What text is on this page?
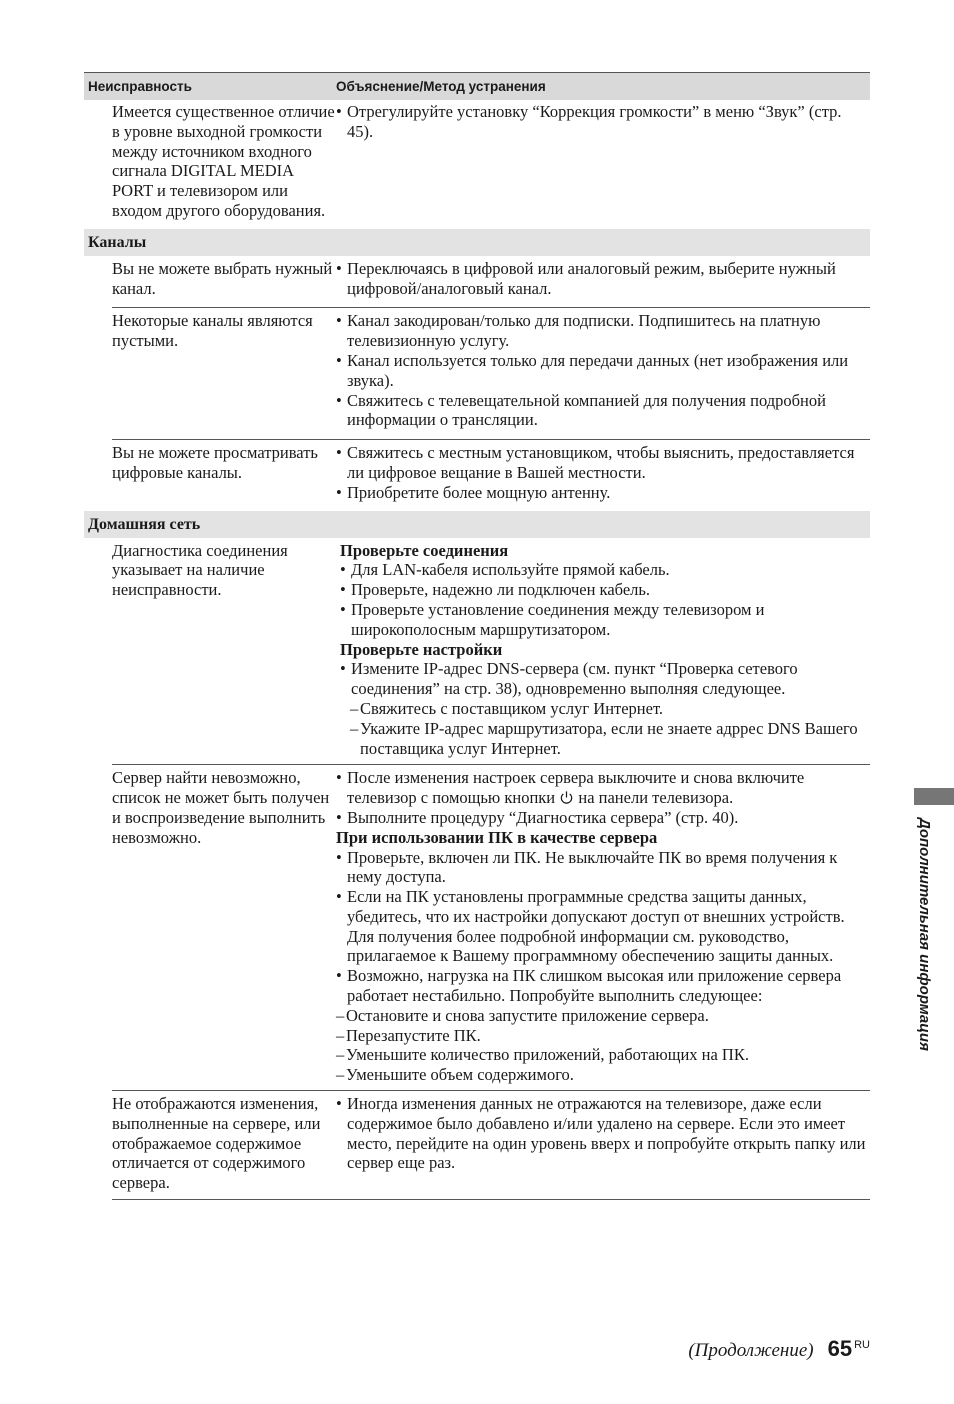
Неисправность	Объяснение/Метод устранения
Имеется существенное отличие в уровне выходной громкости между источником входного сигнала DIGITAL MEDIA PORT и телевизором или входом другого оборудования.
• Отрегулируйте установку “Коррекция громкости” в меню “Звук” (стр. 45).
Каналы
Вы не можете выбрать нужный канал.
• Переключаясь в цифровой или аналоговый режим, выберите нужный цифровой/аналоговый канал.
Некоторые каналы являются пустыми.
• Канал закодирован/только для подписки. Подпишитесь на платную телевизионную услугу.
• Канал используется только для передачи данных (нет изображения или звука).
• Свяжитесь с телевещательной компанией для получения подробной информации о трансляции.
Вы не можете просматривать цифровые каналы.
• Свяжитесь с местным установщиком, чтобы выяснить, предоставляется ли цифровое вещание в Вашей местности.
• Приобретите более мощную антенну.
Домашняя сеть
Диагностика соединения указывает на наличие неисправности.
Проверьте соединения
• Для LAN-кабеля используйте прямой кабель.
• Проверьте, надежно ли подключен кабель.
• Проверьте установление соединения между телевизором и широкополосным маршрутизатором.
Проверьте настройки
• Измените IP-адрес DNS-сервера (см. пункт “Проверка сетевого соединения” на стр. 38), одновременно выполняя следующее.
– Свяжитесь с поставщиком услуг Интернет.
– Укажите IP-адрес маршрутизатора, если не знаете адррес DNS Вашего поставщика услуг Интернет.
Сервер найти невозможно, список не может быть получен и воспроизведение выполнить невозможно.
• После изменения настроек сервера выключите и снова включите телевизор с помощью кнопки на панели телевизора.
• Выполните процедуру “Диагностика сервера” (стр. 40).
При использовании ПК в качестве сервера
• Проверьте, включен ли ПК. Не выключайте ПК во время получения к нему доступа.
• Если на ПК установлены программные средства защиты данных, убедитесь, что их настройки допускают доступ от внешних устройств. Для получения более подробной информации см. руководство, прилагаемое к Вашему программному обеспечению защиты данных.
• Возможно, нагрузка на ПК слишком высокая или приложение сервера работает нестабильно. Попробуйте выполнить следующее:
– Остановите и снова запустите приложение сервера.
– Перезапустите ПК.
– Уменьшите количество приложений, работающих на ПК.
– Уменьшите объем содержимого.
Не отображаются изменения, выполненные на сервере, или отображаемое содержимое отличается от содержимого сервера.
• Иногда изменения данных не отражаются на телевизоре, даже если содержимое было добавлено и/или удалено на сервере. Если это имеет место, перейдите на один уровень вверх и попробуйте открыть папку или сервер еще раз.
Дополнительная информация
(Продолжение) 65 RU
